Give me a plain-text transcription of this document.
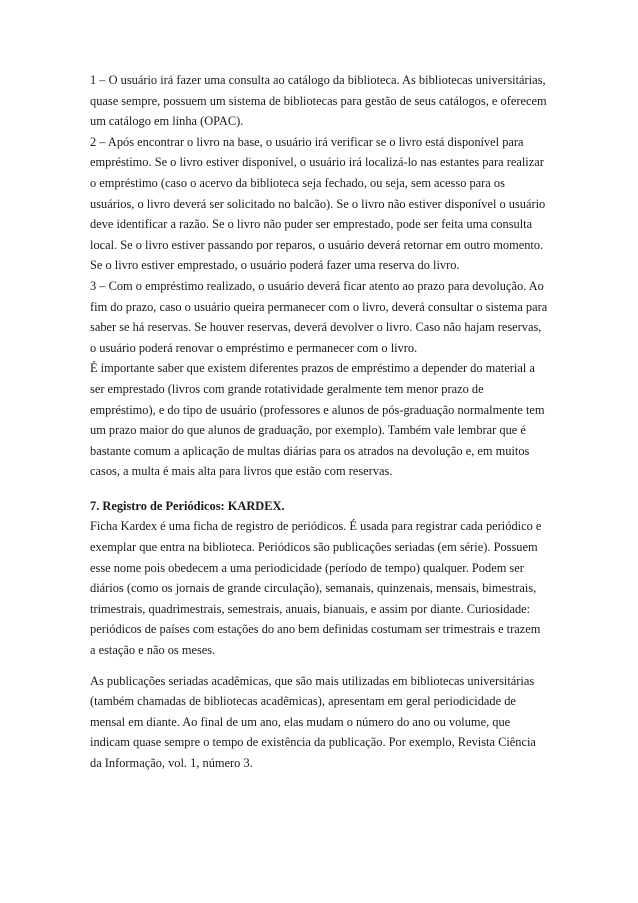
1 – O usuário irá fazer uma consulta ao catálogo da biblioteca. As bibliotecas universitárias,
quase sempre, possuem um sistema de bibliotecas para gestão de seus catálogos, e oferecem
um catálogo em linha (OPAC).
2 – Após encontrar o livro na base, o usuário irá verificar se o livro está disponível para
empréstimo. Se o livro estiver disponível, o usuário irá localizá-lo nas estantes para realizar
o empréstimo (caso o acervo da biblioteca seja fechado, ou seja, sem acesso para os
usuários, o livro deverá ser solicitado no balcão). Se o livro não estiver disponível o usuário
deve identificar a razão. Se o livro não puder ser emprestado, pode ser feita uma consulta
local. Se o livro estiver passando por reparos, o usuário deverá retornar em outro momento.
Se o livro estiver emprestado, o usuário poderá fazer uma reserva do livro.
3 – Com o empréstimo realizado, o usuário deverá ficar atento ao prazo para devolução. Ao
fim do prazo, caso o usuário queira permanecer com o livro, deverá consultar o sistema para
saber se há reservas. Se houver reservas, deverá devolver o livro. Caso não hajam reservas,
o usuário poderá renovar o empréstimo e permanecer com o livro.
É importante saber que existem diferentes prazos de empréstimo a depender do material a
ser emprestado (livros com grande rotatividade geralmente tem menor prazo de
empréstimo), e do tipo de usuário (professores e alunos de pós-graduação normalmente tem
um prazo maior do que alunos de graduação, por exemplo). Também vale lembrar que é
bastante comum a aplicação de multas diárias para os atrados na devolução e, em muitos
casos, a multa é mais alta para livros que estão com reservas.
7. Registro de Periódicos: KARDEX.
Ficha Kardex é uma ficha de registro de periódicos. É usada para registrar cada periódico e
exemplar que entra na biblioteca. Periódicos são publicações seriadas (em série). Possuem
esse nome pois obedecem a uma periodicidade (período de tempo) qualquer. Podem ser
diários (como os jornais de grande circulação), semanais, quinzenais, mensais, bimestrais,
trimestrais, quadrimestrais, semestrais, anuais, bianuais, e assim por diante. Curiosidade:
periódicos de países com estações do ano bem definidas costumam ser trimestrais e trazem
a estação e não os meses.
As publicações seriadas acadêmicas, que são mais utilizadas em bibliotecas universitárias
(também chamadas de bibliotecas acadêmicas), apresentam em geral periodicidade de
mensal em diante. Ao final de um ano, elas mudam o número do ano ou volume, que
indicam quase sempre o tempo de existência da publicação. Por exemplo, Revista Ciência
da Informação, vol. 1, número 3.
